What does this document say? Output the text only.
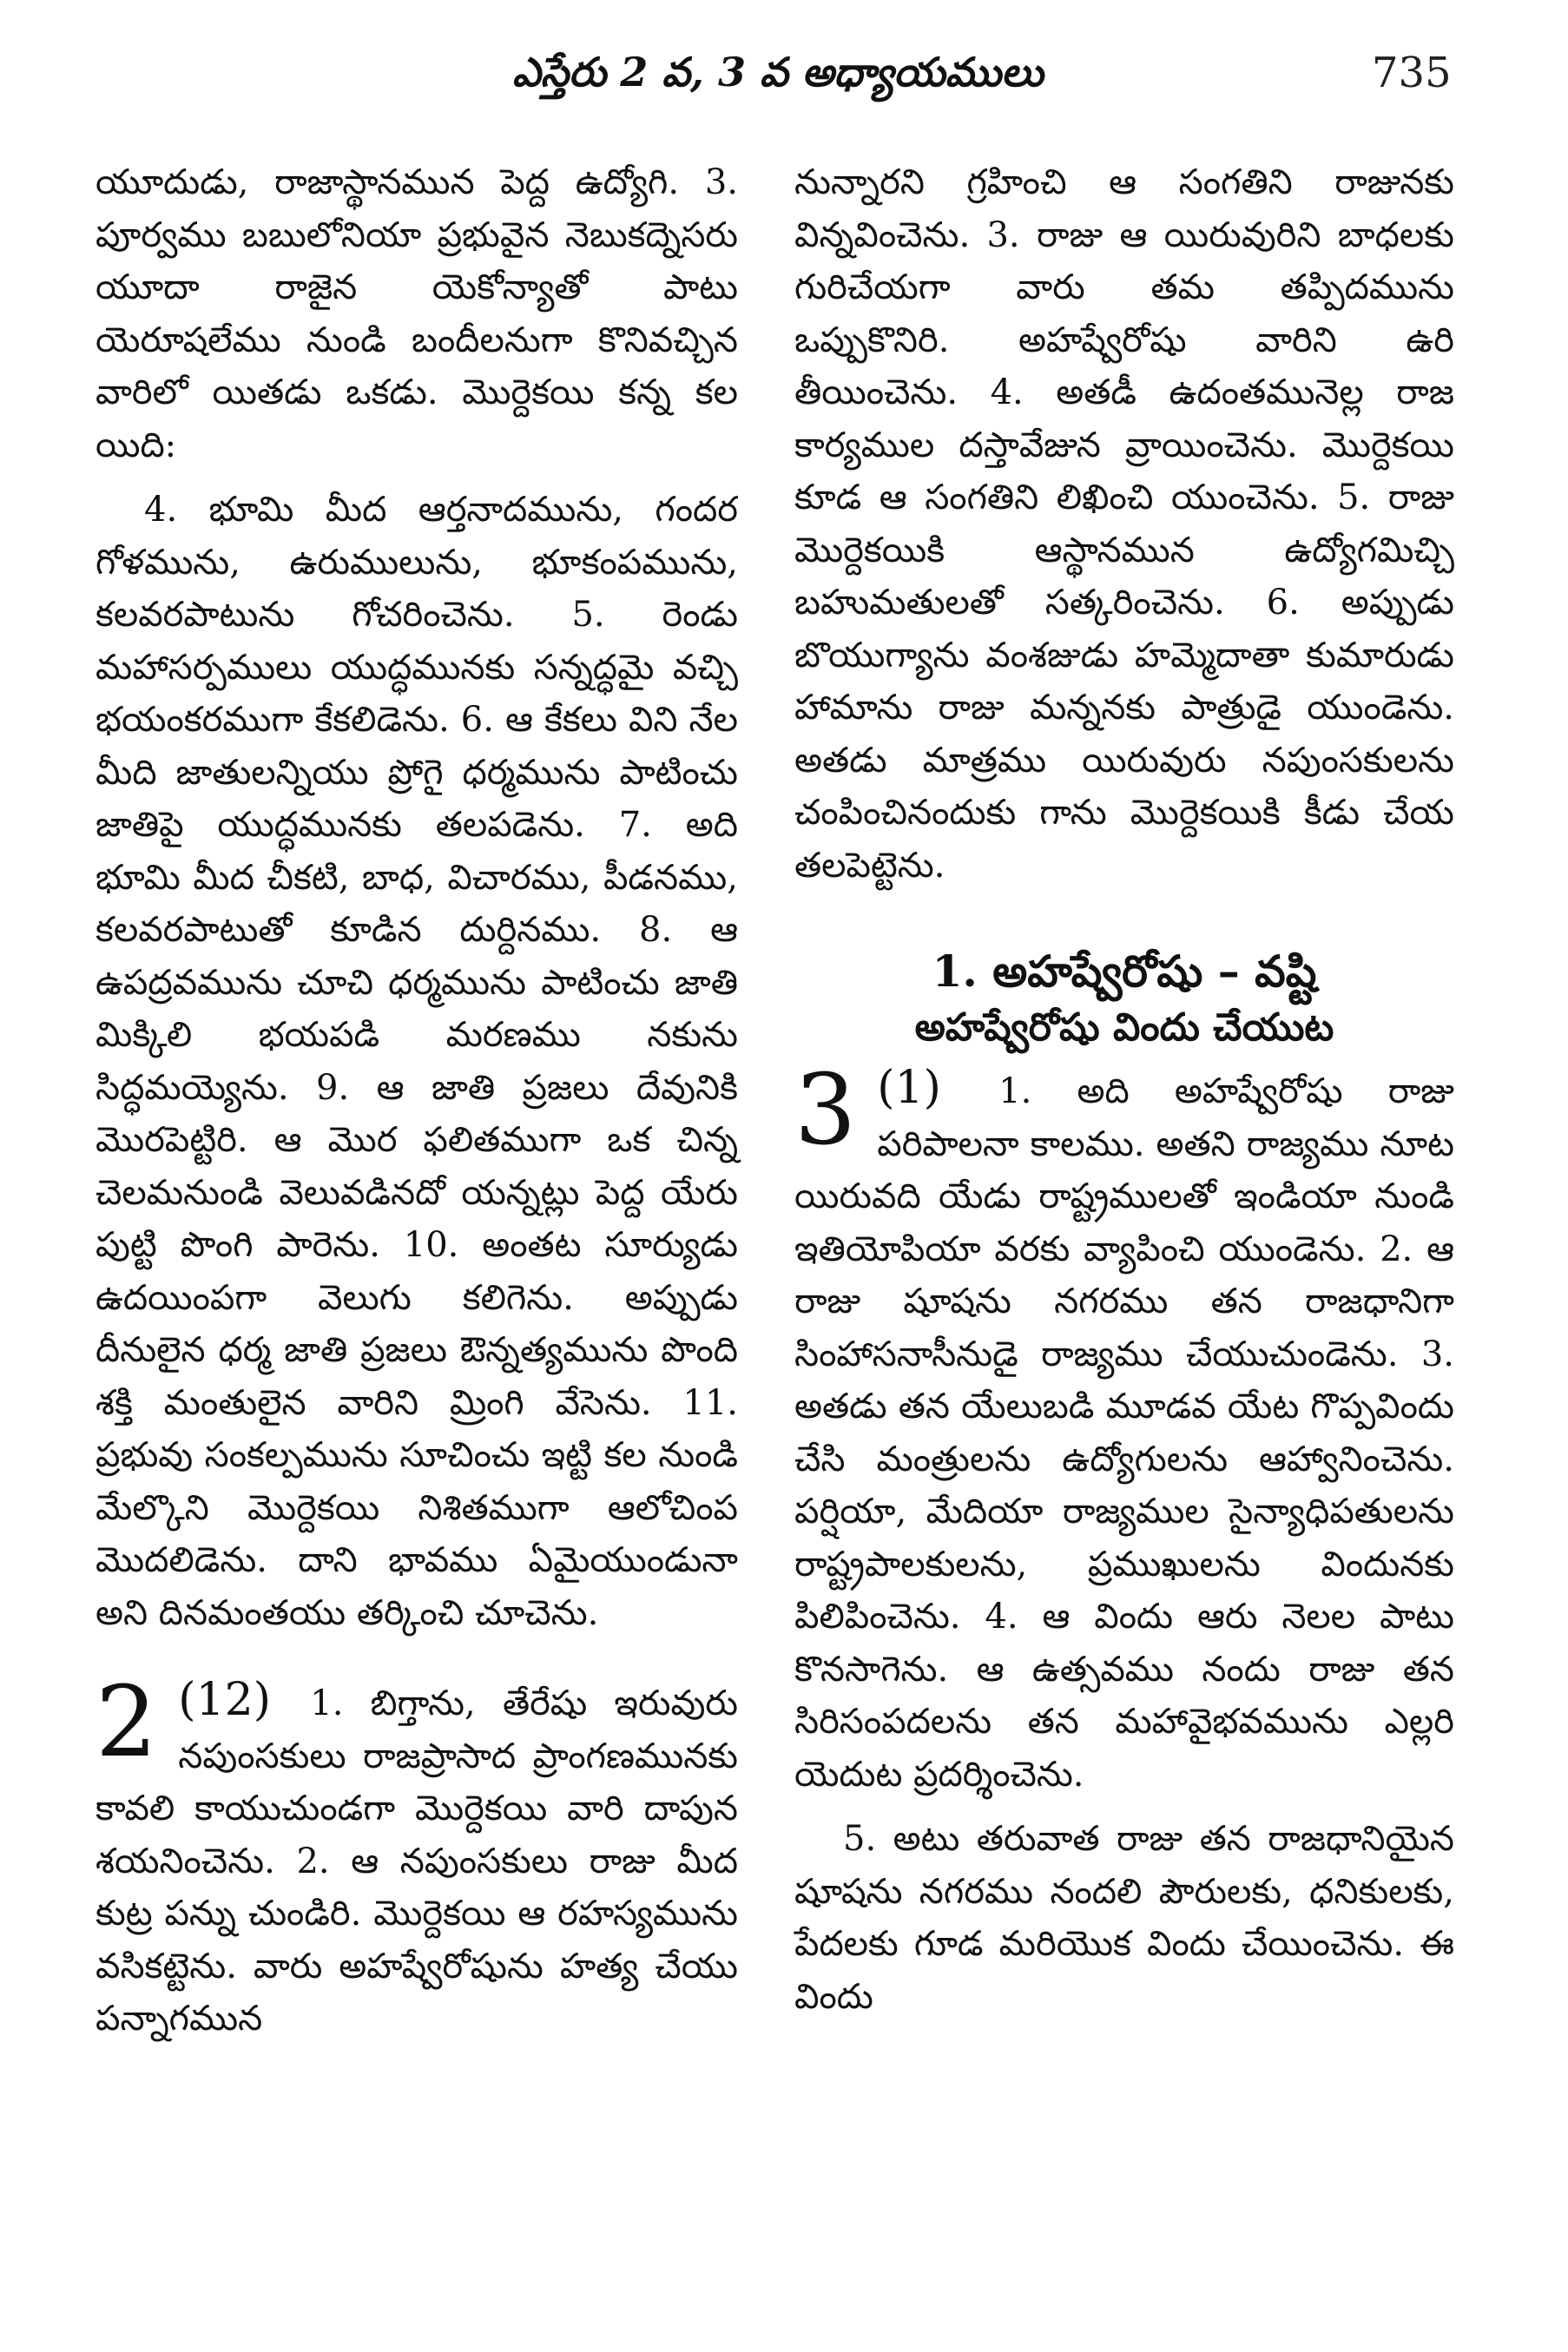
ఎస్తేరు 2 వ, 3 వ అధ్యాయములు	735

యూదుడు, రాజాస్థానమున పెద్ద ఉద్యోగి. 3. పూర్వము బబులోనియా ప్రభువైన నెబుకద్నెసరు యూదా రాజైన యెకోన్యాతో పాటు యెరూషలేము నుండి బందీలనుగా కొనివచ్చిన వారిలో యితడు ఒకడు. మొర్దెకయి కన్న కల యిది:

4. భూమి మీద ఆర్తనాదమును, గందర గోళమును, ఉరుములును, భూకంపమును, కలవరపాటును గోచరించెను. 5. రెండు మహాసర్పములు యుద్ధమునకు సన్నద్ధమై వచ్చి భయంకరముగా కేకలిడెను. 6. ఆ కేకలు విని నేల మీది జాతులన్నియు ప్రోగై ధర్మమును పాటించు జాతిపై యుద్ధమునకు తలపడెను. 7. అది భూమి మీద చీకటి, బాధ, విచారము, పీడనము, కలవరపాటుతో కూడిన దుర్దినము. 8. ఆ ఉపద్రవమును చూచి ధర్మమును పాటించు జాతి మిక్కిలి భయపడి మరణము నకును సిద్ధమయ్యెను. 9. ఆ జాతి ప్రజలు దేవునికి మొరపెట్టిరి. ఆ మొర ఫలితముగా ఒక చిన్న చెలమనుండి వెలువడినదో యన్నట్లు పెద్ద యేరు పుట్టి పొంగి పారెను. 10. అంతట సూర్యుడు ఉదయింపగా వెలుగు కలిగెను. అప్పుడు దీనులైన ధర్మ జాతి ప్రజలు ఔన్నత్యమును పొంది శక్తి మంతులైన వారిని మ్రింగి వేసెను. 11. ప్రభువు సంకల్పమును సూచించు ఇట్టి కల నుండి మేల్కొని మొర్దెకయి నిశితముగా ఆలోచింప మొదలిడెను. దాని భావము ఏమైయుండునా అని దినమంతయు తర్కించి చూచెను.

2 (12) 1. బిగ్తాను, తేరేషు ఇరువురు నపుంసకులు రాజప్రాసాద ప్రాంగణమునకు కావలి కాయుచుండగా మొర్దెకయి వారి దాపున శయనించెను. 2. ఆ నపుంసకులు రాజు మీద కుట్ర పన్ను చుండిరి. మొర్దెకయి ఆ రహస్యమును వసికట్టెను. వారు అహష్వేరోషును హత్య చేయు పన్నాగమున

నున్నారని గ్రహించి ఆ సంగతిని రాజునకు విన్నవించెను. 3. రాజు ఆ యిరువురిని బాధలకు గురిచేయగా వారు తమ తప్పిదమును ఒప్పుకొనిరి. అహష్వేరోషు వారిని ఉరి తీయించెను. 4. అతడీ ఉదంతమునెల్ల రాజ కార్యముల దస్తావేజున వ్రాయించెను. మొర్దెకయి కూడ ఆ సంగతిని లిఖించి యుంచెను. 5. రాజు మొర్దెకయికి ఆస్థానమున ఉద్యోగమిచ్చి బహుమతులతో సత్కరించెను. 6. అప్పుడు బొయుగ్యాను వంశజుడు హమ్మెదాతా కుమారుడు హామాను రాజు మన్ననకు పాత్రుడై యుండెను. అతడు మాత్రము యిరువురు నపుంసకులను చంపించినందుకు గాను మొర్దెకయికి కీడు చేయ తలపెట్టెను.

1. అహష్వేరోషు – వష్టి
అహష్వేరోషు విందు చేయుట

3 (1) 1. అది అహష్వేరోషు రాజు పరిపాలనా కాలము. అతని రాజ్యము నూట యిరువది యేడు రాష్ట్రములతో ఇండియా నుండి ఇతియోపియా వరకు వ్యాపించి యుండెను. 2. ఆ రాజు షూషను నగరము తన రాజధానిగా సింహాసనాసీనుడై రాజ్యము చేయుచుండెను. 3. అతడు తన యేలుబడి మూడవ యేట గొప్పవిందు చేసి మంత్రులను ఉద్యోగులను ఆహ్వానించెను. పర్షియా, మేదియా రాజ్యముల సైన్యాధిపతులను రాష్ట్రపాలకులను, ప్రముఖులను విందునకు పిలిపించెను. 4. ఆ విందు ఆరు నెలల పాటు కొనసాగెను. ఆ ఉత్సవము నందు రాజు తన సిరిసంపదలను తన మహావైభవమును ఎల్లరి యెదుట ప్రదర్శించెను.

5. అటు తరువాత రాజు తన రాజధానియైన షూషను నగరము నందలి పౌరులకు, ధనికులకు, పేదలకు గూడ మరియొక విందు చేయించెను. ఈ విందు
